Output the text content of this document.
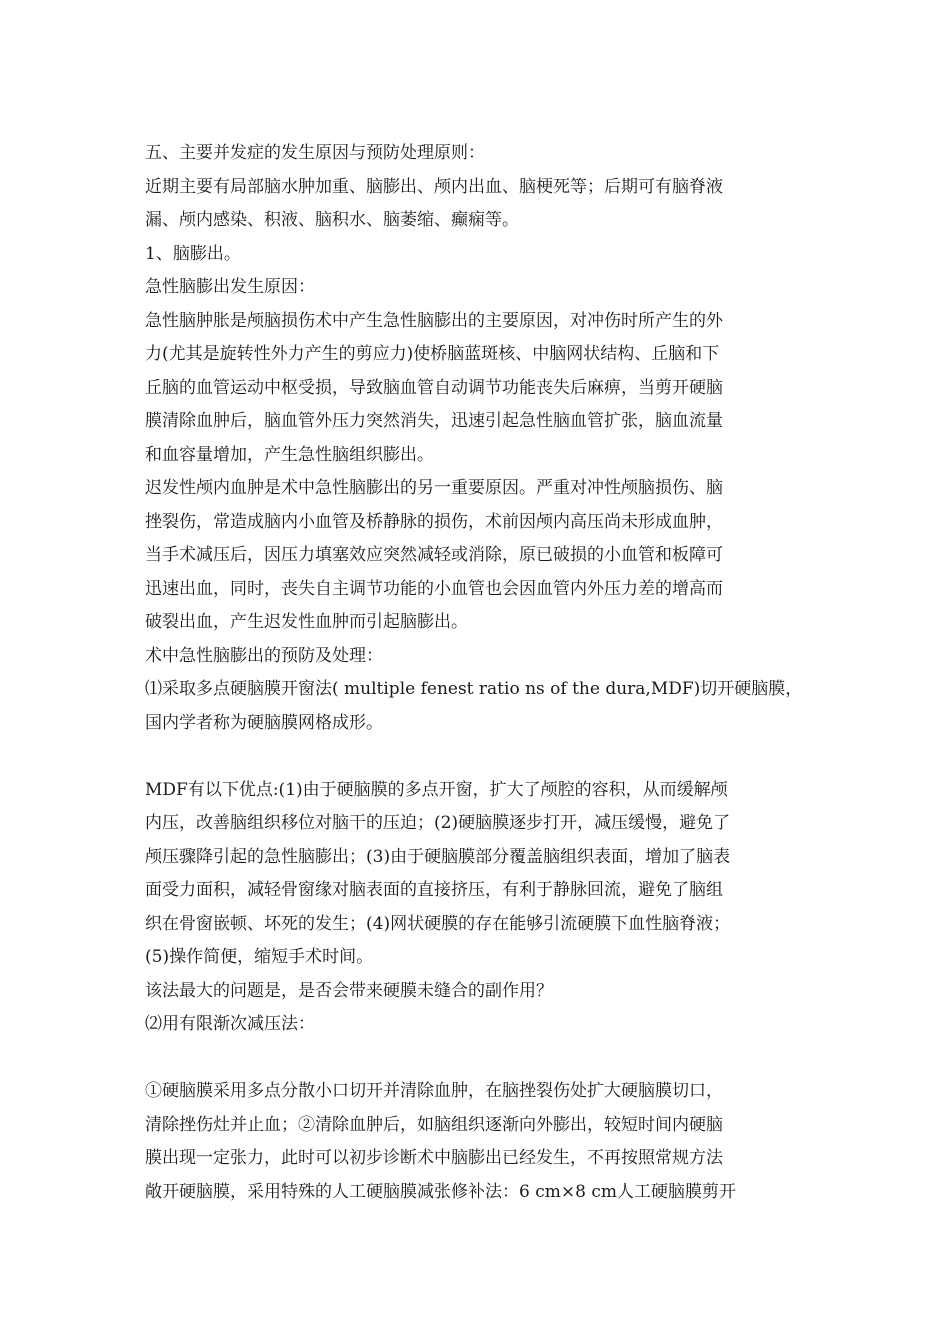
五、主要并发症的发生原因与预防处理原则：
近期主要有局部脑水肿加重、脑膨出、颅内出血、脑梗死等；后期可有脑脊液
漏、颅内感染、积液、脑积水、脑萎缩、癫痫等。
1、脑膨出。
急性脑膨出发生原因：
急性脑肿胀是颅脑损伤术中产生急性脑膨出的主要原因，对冲伤时所产生的外
力(尤其是旋转性外力产生的剪应力)使桥脑蓝斑核、中脑网状结构、丘脑和下
丘脑的血管运动中枢受损，导致脑血管自动调节功能丧失后麻痹，当剪开硬脑
膜清除血肿后，脑血管外压力突然消失，迅速引起急性脑血管扩张，脑血流量
和血容量增加，产生急性脑组织膨出。
迟发性颅内血肿是术中急性脑膨出的另一重要原因。严重对冲性颅脑损伤、脑
挫裂伤，常造成脑内小血管及桥静脉的损伤，术前因颅内高压尚未形成血肿，
当手术减压后，因压力填塞效应突然减轻或消除，原已破损的小血管和板障可
迅速出血，同时，丧失自主调节功能的小血管也会因血管内外压力差的增高而
破裂出血，产生迟发性血肿而引起脑膨出。
术中急性脑膨出的预防及处理：
⑴采取多点硬脑膜开窗法( multiple fenest ratio ns of the dura,MDF)切开硬脑膜，
国内学者称为硬脑膜网格成形。
MDF有以下优点:(1)由于硬脑膜的多点开窗，扩大了颅腔的容积，从而缓解颅
内压，改善脑组织移位对脑干的压迫；(2)硬脑膜逐步打开，减压缓慢，避免了
颅压骤降引起的急性脑膨出；(3)由于硬脑膜部分覆盖脑组织表面，增加了脑表
面受力面积，减轻骨窗缘对脑表面的直接挤压，有利于静脉回流，避免了脑组
织在骨窗嵌顿、坏死的发生；(4)网状硬膜的存在能够引流硬膜下血性脑脊液；
(5)操作简便，缩短手术时间。
该法最大的问题是，是否会带来硬膜未缝合的副作用？
⑵用有限渐次减压法：
①硬脑膜采用多点分散小口切开并清除血肿，在脑挫裂伤处扩大硬脑膜切口，
清除挫伤灶并止血；②清除血肿后，如脑组织逐渐向外膨出，较短时间内硬脑
膜出现一定张力，此时可以初步诊断术中脑膨出已经发生，不再按照常规方法
敞开硬脑膜，采用特殊的人工硬脑膜减张修补法：6 cm×8 cm人工硬脑膜剪开
